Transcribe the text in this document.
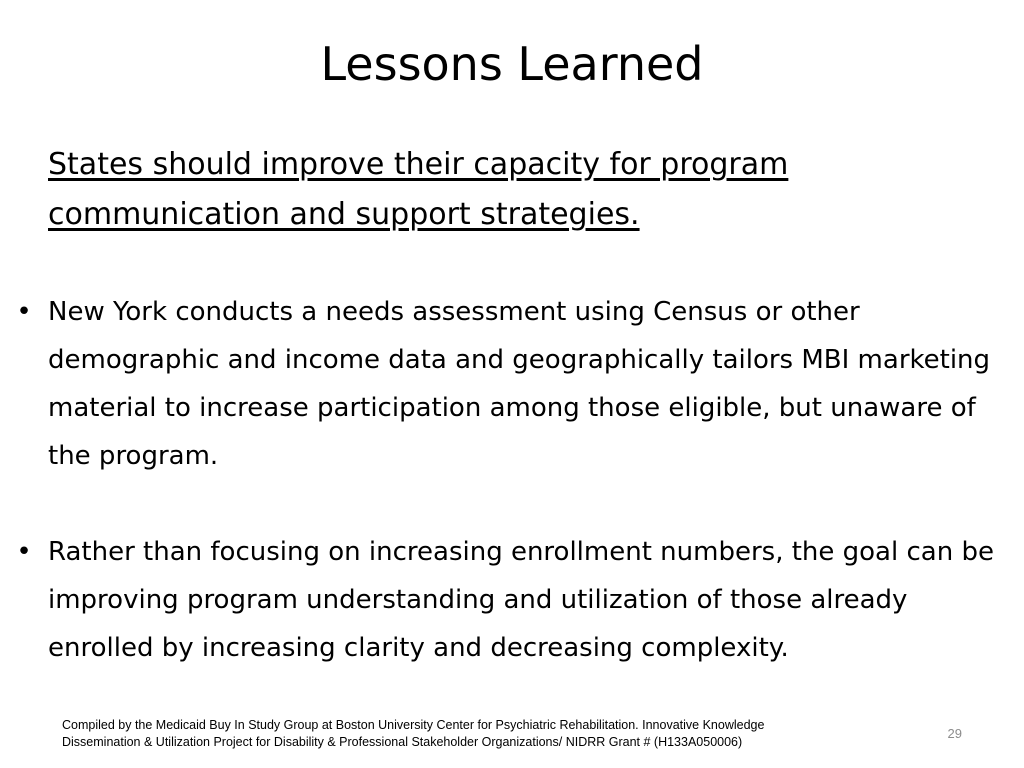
Lessons Learned

States should improve their capacity for program communication and support strategies.

• New York conducts a needs assessment using Census or other demographic and income data and geographically tailors MBI marketing material to increase participation among those eligible, but unaware of the program.
• Rather than focusing on increasing enrollment numbers, the goal can be improving program understanding and utilization of those already enrolled by increasing clarity and decreasing complexity.
Compiled by the Medicaid Buy In Study Group at Boston University Center for Psychiatric Rehabilitation. Innovative Knowledge
Dissemination & Utilization Project for Disability & Professional Stakeholder Organizations/ NIDRR Grant # (H133A050006)
29
